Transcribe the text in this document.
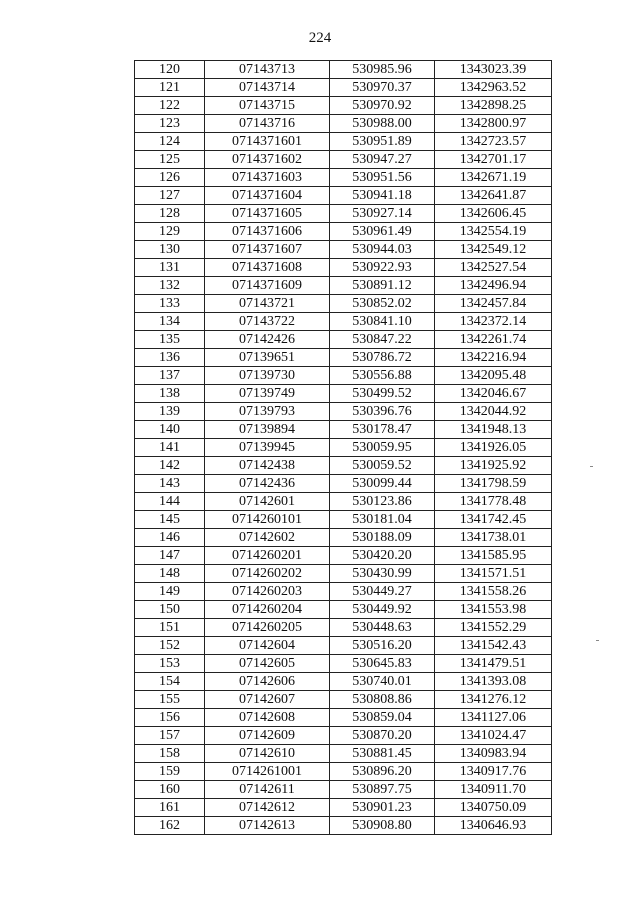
224
120	07143713	530985.96	1343023.39
121	07143714	530970.37	1342963.52
122	07143715	530970.92	1342898.25
123	07143716	530988.00	1342800.97
124	0714371601	530951.89	1342723.57
125	0714371602	530947.27	1342701.17
126	0714371603	530951.56	1342671.19
127	0714371604	530941.18	1342641.87
128	0714371605	530927.14	1342606.45
129	0714371606	530961.49	1342554.19
130	0714371607	530944.03	1342549.12
131	0714371608	530922.93	1342527.54
132	0714371609	530891.12	1342496.94
133	07143721	530852.02	1342457.84
134	07143722	530841.10	1342372.14
135	07142426	530847.22	1342261.74
136	07139651	530786.72	1342216.94
137	07139730	530556.88	1342095.48
138	07139749	530499.52	1342046.67
139	07139793	530396.76	1342044.92
140	07139894	530178.47	1341948.13
141	07139945	530059.95	1341926.05
142	07142438	530059.52	1341925.92
143	07142436	530099.44	1341798.59
144	07142601	530123.86	1341778.48
145	0714260101	530181.04	1341742.45
146	07142602	530188.09	1341738.01
147	0714260201	530420.20	1341585.95
148	0714260202	530430.99	1341571.51
149	0714260203	530449.27	1341558.26
150	0714260204	530449.92	1341553.98
151	0714260205	530448.63	1341552.29
152	07142604	530516.20	1341542.43
153	07142605	530645.83	1341479.51
154	07142606	530740.01	1341393.08
155	07142607	530808.86	1341276.12
156	07142608	530859.04	1341127.06
157	07142609	530870.20	1341024.47
158	07142610	530881.45	1340983.94
159	0714261001	530896.20	1340917.76
160	07142611	530897.75	1340911.70
161	07142612	530901.23	1340750.09
162	07142613	530908.80	1340646.93
